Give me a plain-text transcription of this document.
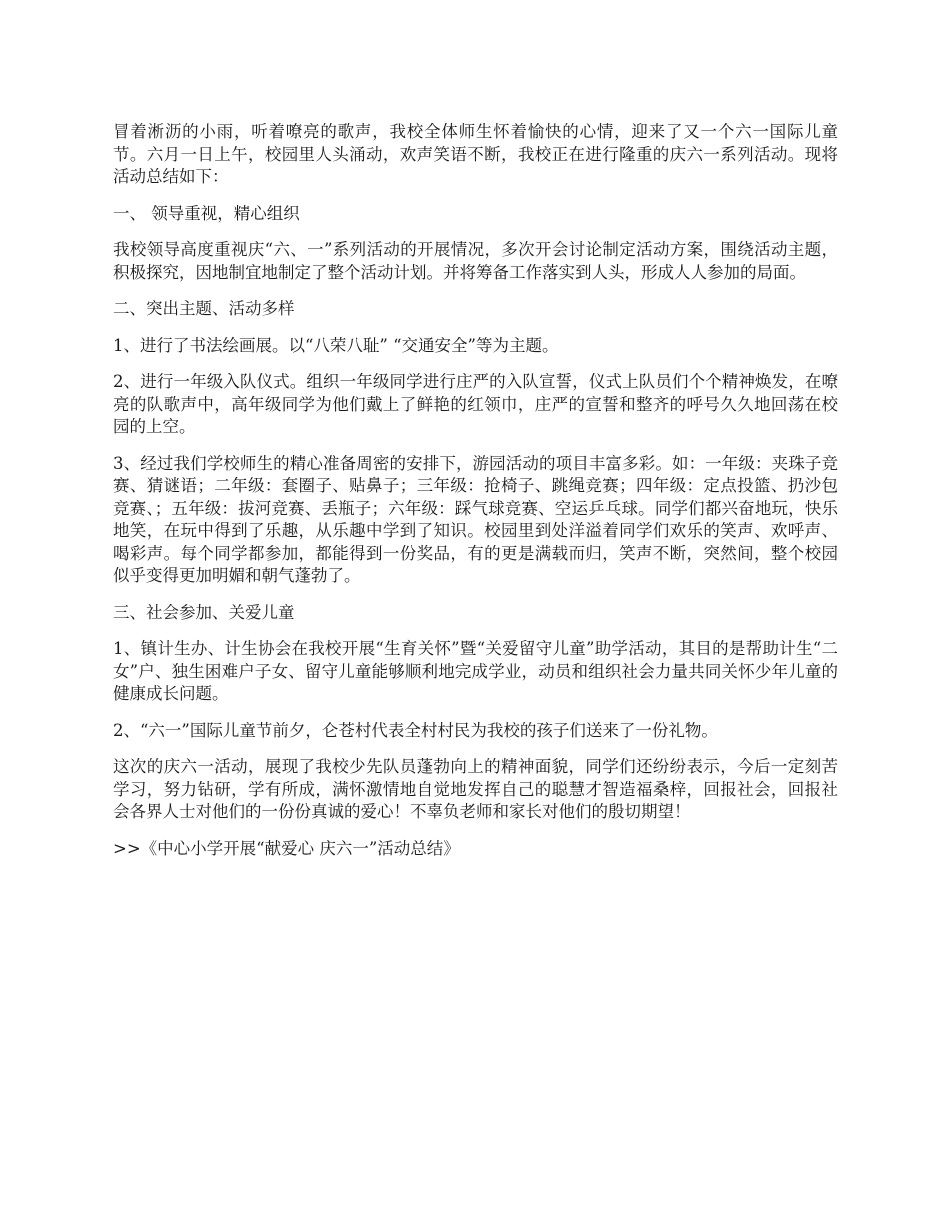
冒着淅沥的小雨，听着嘹亮的歌声，我校全体师生怀着愉快的心情，迎来了又一个六一国际儿童节。六月一日上午，校园里人头涌动，欢声笑语不断，我校正在进行隆重的庆六一系列活动。现将活动总结如下：

一、 领导重视，精心组织

我校领导高度重视庆“六、一”系列活动的开展情况，多次开会讨论制定活动方案，围绕活动主题，积极探究，因地制宜地制定了整个活动计划。并将筹备工作落实到人头，形成人人参加的局面。

二、突出主题、活动多样

1、进行了书法绘画展。以“八荣八耻” “交通安全”等为主题。

2、进行一年级入队仪式。组织一年级同学进行庄严的入队宣誓，仪式上队员们个个精神焕发，在嘹亮的队歌声中，高年级同学为他们戴上了鲜艳的红领巾，庄严的宣誓和整齐的呼号久久地回荡在校园的上空。

3、经过我们学校师生的精心准备周密的安排下，游园活动的项目丰富多彩。如：一年级：夹珠子竞赛、猜谜语；二年级：套圈子、贴鼻子；三年级：抢椅子、跳绳竞赛；四年级：定点投篮、扔沙包竞赛、；五年级：拔河竞赛、丢瓶子；六年级：踩气球竞赛、空运乒乓球。同学们都兴奋地玩，快乐地笑，在玩中得到了乐趣，从乐趣中学到了知识。校园里到处洋溢着同学们欢乐的笑声、欢呼声、喝彩声。每个同学都参加，都能得到一份奖品，有的更是满载而归，笑声不断，突然间，整个校园似乎变得更加明媚和朝气蓬勃了。

三、社会参加、关爱儿童

1、镇计生办、计生协会在我校开展“生育关怀”暨“关爱留守儿童”助学活动，其目的是帮助计生“二女”户、独生困难户子女、留守儿童能够顺利地完成学业，动员和组织社会力量共同关怀少年儿童的健康成长问题。

2、“六一”国际儿童节前夕，仑苍村代表全村村民为我校的孩子们送来了一份礼物。

这次的庆六一活动，展现了我校少先队员蓬勃向上的精神面貌，同学们还纷纷表示，今后一定刻苦学习，努力钻研，学有所成，满怀激情地自觉地发挥自己的聪慧才智造福桑梓，回报社会，回报社会各界人士对他们的一份份真诚的爱心！不辜负老师和家长对他们的殷切期望！

>>《中心小学开展“献爱心 庆六一”活动总结》
